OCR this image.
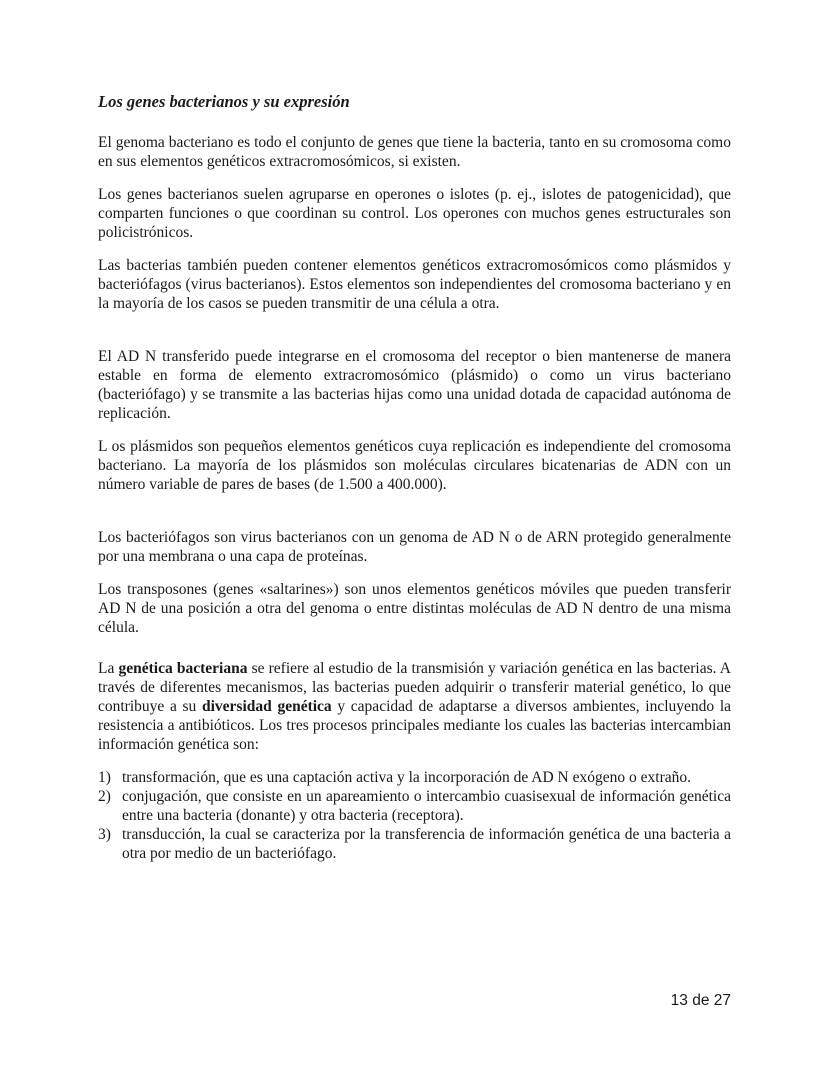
Los genes bacterianos y su expresión

El genoma bacteriano es todo el conjunto de genes que tiene la bacteria, tanto en su cromosoma como en sus elementos genéticos extracromosómicos, si existen.

Los genes bacterianos suelen agruparse en operones o islotes (p. ej., islotes de patogenicidad), que comparten funciones o que coordinan su control. Los operones con muchos genes estructurales son policistrónicos.

Las bacterias también pueden contener elementos genéticos extracromosómicos como plásmidos y bacteriófagos (virus bacterianos). Estos elementos son independientes del cromosoma bacteriano y en la mayoría de los casos se pueden transmitir de una célula a otra.

El AD N transferido puede integrarse en el cromosoma del receptor o bien mantenerse de manera estable en forma de elemento extracromosómico (plásmido) o como un virus bacteriano (bacteriófago) y se transmite a las bacterias hijas como una unidad dotada de capacidad autónoma de replicación.

L os plásmidos son pequeños elementos genéticos cuya replicación es independiente del cromosoma bacteriano. La mayoría de los plásmidos son moléculas circulares bicatenarias de ADN con un número variable de pares de bases (de 1.500 a 400.000).

Los bacteriófagos son virus bacterianos con un genoma de AD N o de ARN protegido generalmente por una membrana o una capa de proteínas.

Los transposones (genes «saltarines») son unos elementos genéticos móviles que pueden transferir AD N de una posición a otra del genoma o entre distintas moléculas de AD N dentro de una misma célula.

La genética bacteriana se refiere al estudio de la transmisión y variación genética en las bacterias. A través de diferentes mecanismos, las bacterias pueden adquirir o transferir material genético, lo que contribuye a su diversidad genética y capacidad de adaptarse a diversos ambientes, incluyendo la resistencia a antibióticos. Los tres procesos principales mediante los cuales las bacterias intercambian información genética son:

1) transformación, que es una captación activa y la incorporación de AD N exógeno o extraño.
2) conjugación, que consiste en un apareamiento o intercambio cuasisexual de información genética entre una bacteria (donante) y otra bacteria (receptora).
3) transducción, la cual se caracteriza por la transferencia de información genética de una bacteria a otra por medio de un bacteriófago.
13 de 27
